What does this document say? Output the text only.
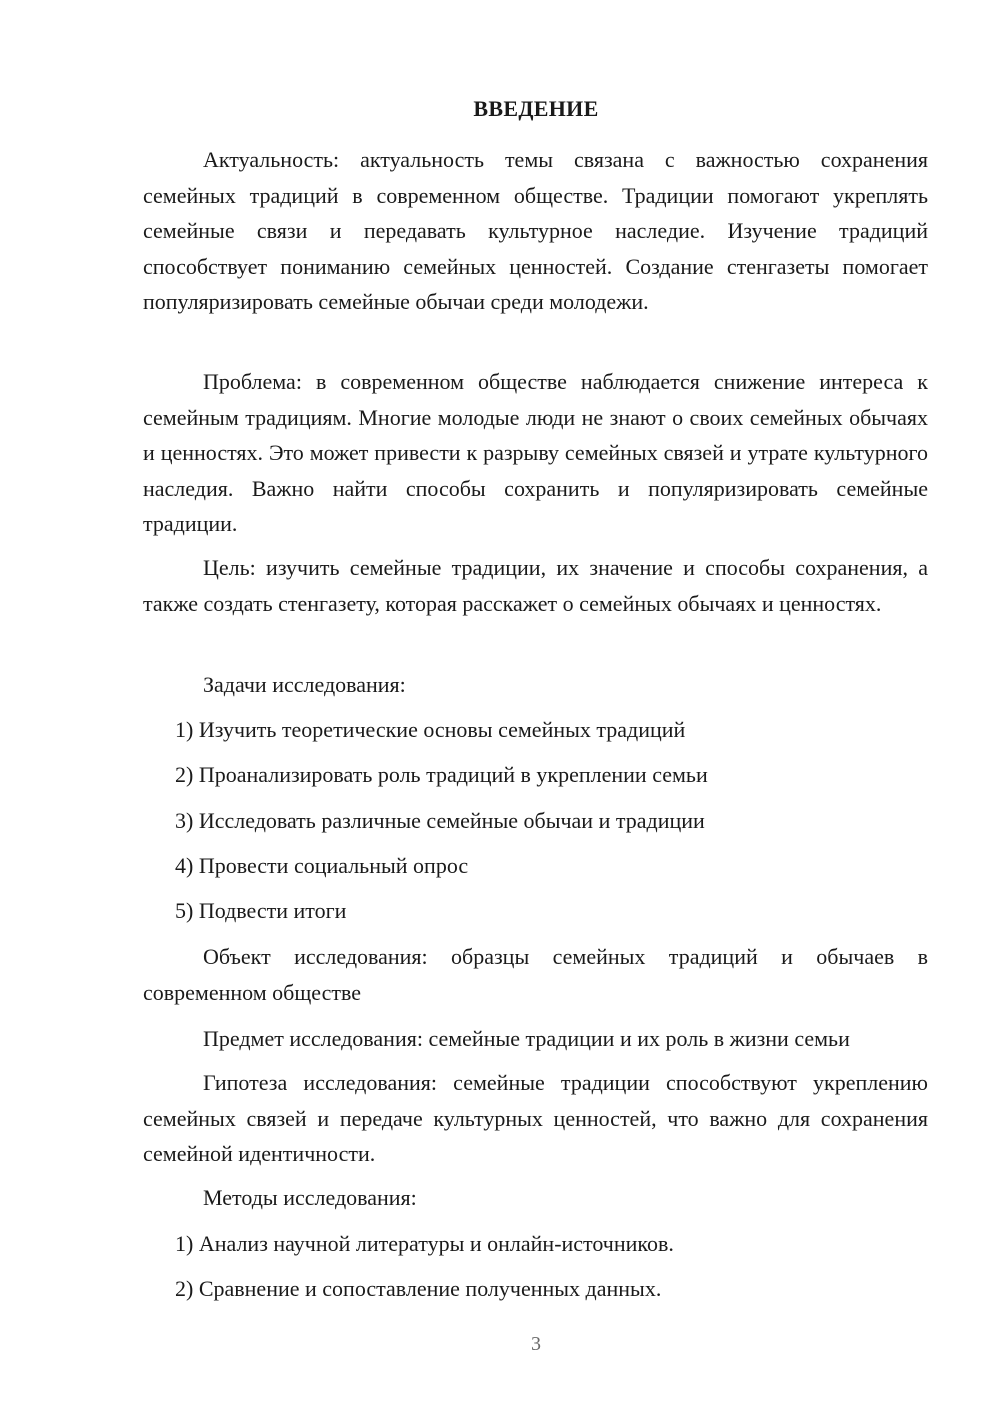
ВВЕДЕНИЕ

Актуальность: актуальность темы связана с важностью сохранения семейных традиций в современном обществе. Традиции помогают укреплять семейные связи и передавать культурное наследие. Изучение традиций способствует пониманию семейных ценностей. Создание стенгазеты помогает популяризировать семейные обычаи среди молодежи.

Проблема: в современном обществе наблюдается снижение интереса к семейным традициям. Многие молодые люди не знают о своих семейных обычаях и ценностях. Это может привести к разрыву семейных связей и утрате культурного наследия. Важно найти способы сохранить и популяризировать семейные традиции.

Цель: изучить семейные традиции, их значение и способы сохранения, а также создать стенгазету, которая расскажет о семейных обычаях и ценностях.

Задачи исследования:

1) Изучить теоретические основы семейных традиций
2) Проанализировать роль традиций в укреплении семьи
3) Исследовать различные семейные обычаи и традиции
4) Провести социальный опрос
5) Подвести итоги

Объект исследования: образцы семейных традиций и обычаев в современном обществе

Предмет исследования: семейные традиции и их роль в жизни семьи

Гипотеза исследования: семейные традиции способствуют укреплению семейных связей и передаче культурных ценностей, что важно для сохранения семейной идентичности.

Методы исследования:

1) Анализ научной литературы и онлайн-источников.
2) Сравнение и сопоставление полученных данных.
3
